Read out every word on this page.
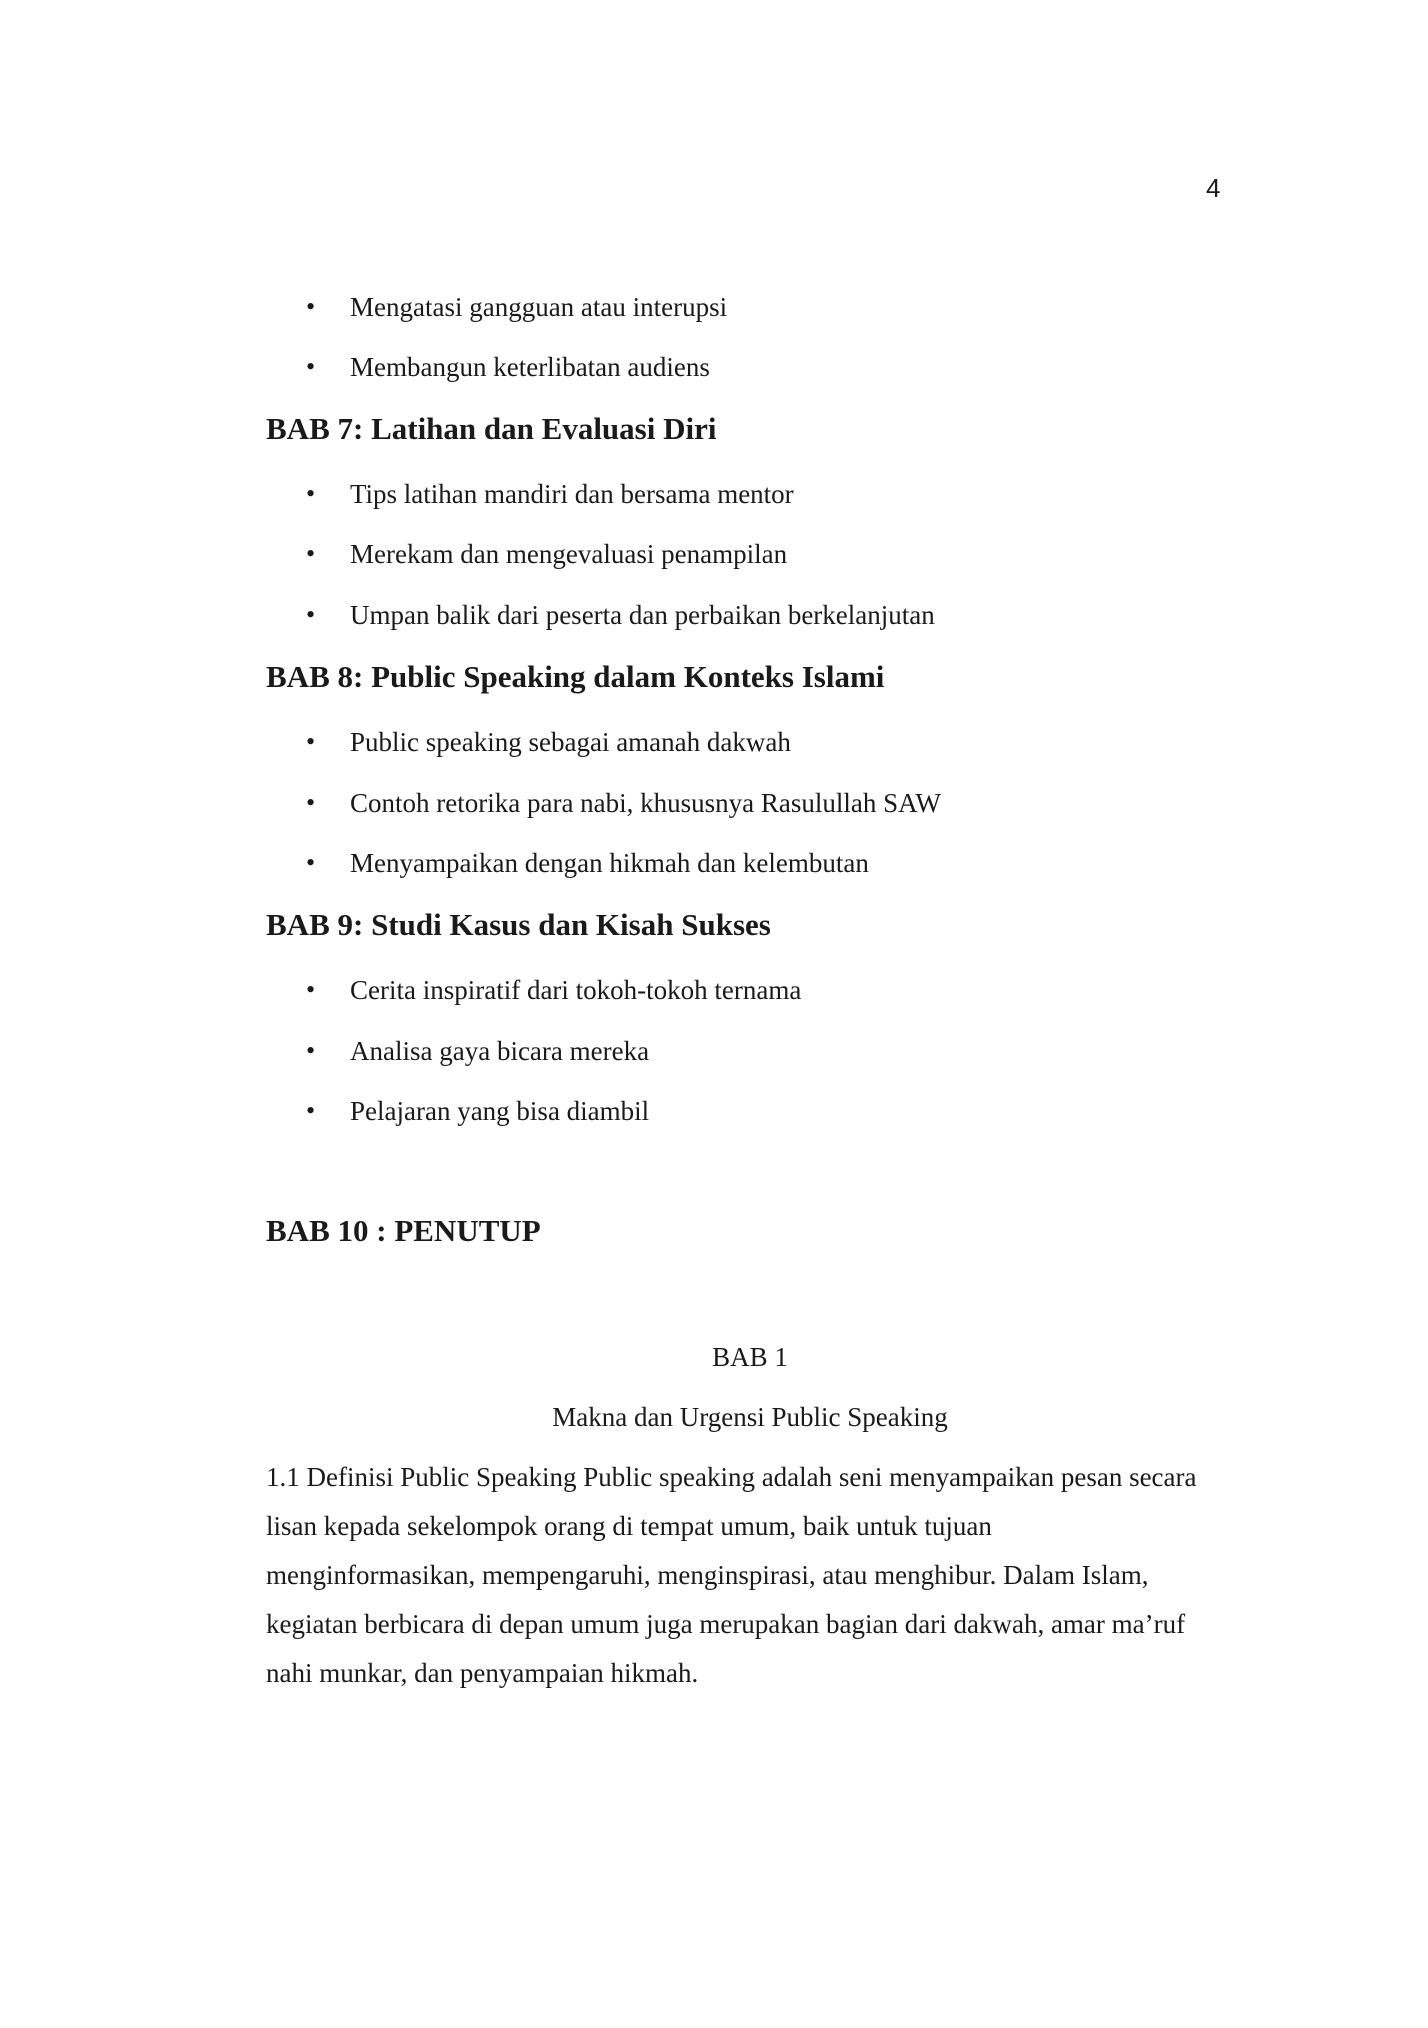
4
• Mengatasi gangguan atau interupsi
• Membangun keterlibatan audiens
BAB 7: Latihan dan Evaluasi Diri
• Tips latihan mandiri dan bersama mentor
• Merekam dan mengevaluasi penampilan
• Umpan balik dari peserta dan perbaikan berkelanjutan
BAB 8: Public Speaking dalam Konteks Islami
• Public speaking sebagai amanah dakwah
• Contoh retorika para nabi, khususnya Rasulullah SAW
• Menyampaikan dengan hikmah dan kelembutan
BAB 9: Studi Kasus dan Kisah Sukses
• Cerita inspiratif dari tokoh-tokoh ternama
• Analisa gaya bicara mereka
• Pelajaran yang bisa diambil
BAB 10 : PENUTUP
BAB 1
Makna dan Urgensi Public Speaking
1.1 Definisi Public Speaking Public speaking adalah seni menyampaikan pesan secara
lisan kepada sekelompok orang di tempat umum, baik untuk tujuan
menginformasikan, mempengaruhi, menginspirasi, atau menghibur. Dalam Islam,
kegiatan berbicara di depan umum juga merupakan bagian dari dakwah, amar ma’ruf
nahi munkar, dan penyampaian hikmah.
